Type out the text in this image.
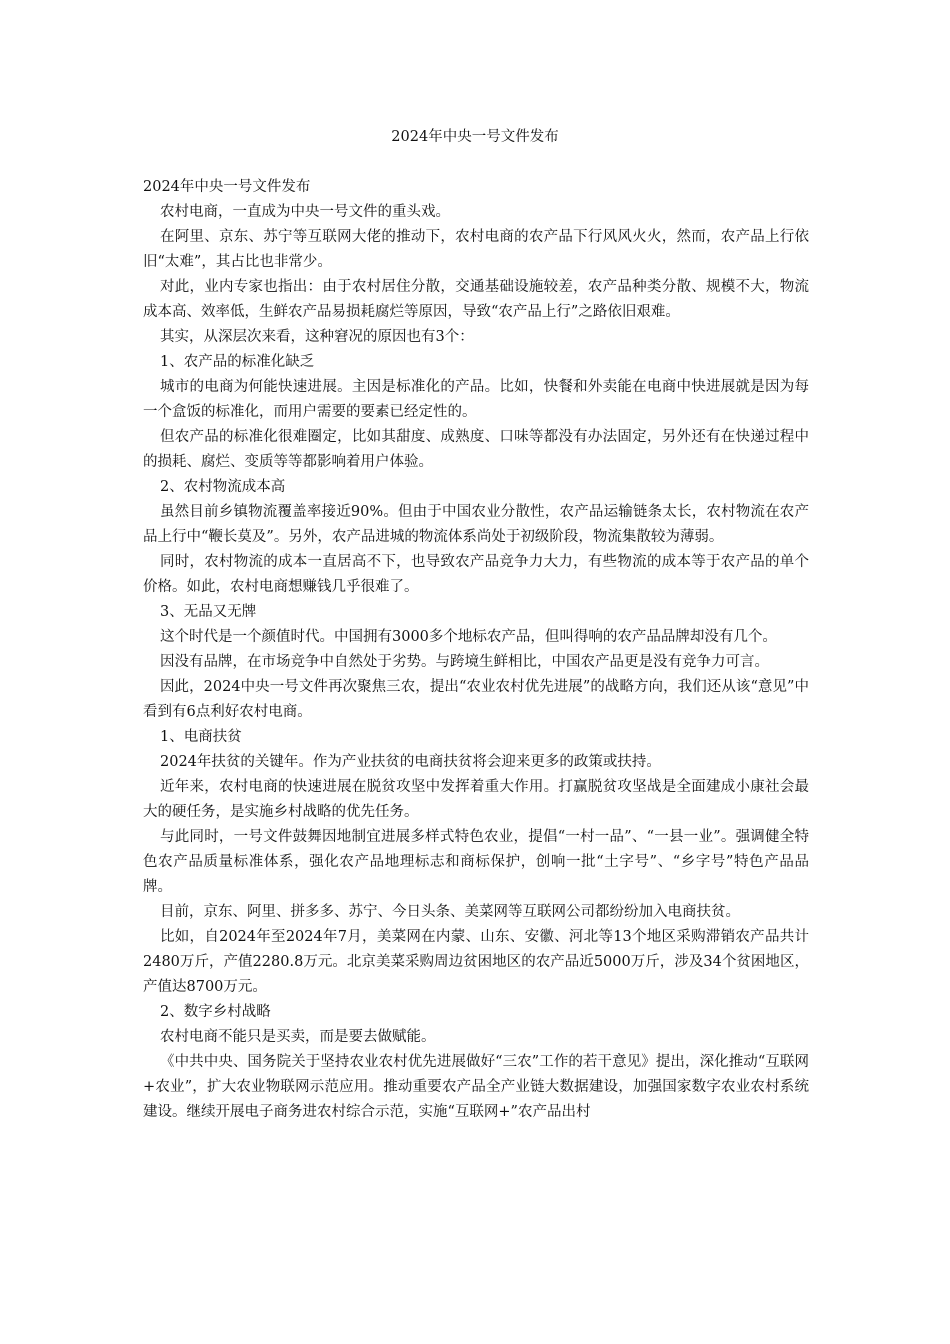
2024年中央一号文件发布

2024年中央一号文件发布

农村电商，一直成为中央一号文件的重头戏。

在阿里、京东、苏宁等互联网大佬的推动下，农村电商的农产品下行风风火火，然而，农产品上行依旧“太难”，其占比也非常少。

对此，业内专家也指出：由于农村居住分散，交通基础设施较差，农产品种类分散、规模不大，物流成本高、效率低，生鲜农产品易损耗腐烂等原因，导致“农产品上行”之路依旧艰难。

其实，从深层次来看，这种窘况的原因也有3个：

1、农产品的标准化缺乏

城市的电商为何能快速进展。主因是标准化的产品。比如，快餐和外卖能在电商中快进展就是因为每一个盒饭的标准化，而用户需要的要素已经定性的。

但农产品的标准化很难圈定，比如其甜度、成熟度、口味等都没有办法固定，另外还有在快递过程中的损耗、腐烂、变质等等都影响着用户体验。

2、农村物流成本高

虽然目前乡镇物流覆盖率接近90%。但由于中国农业分散性，农产品运输链条太长，农村物流在农产品上行中“鞭长莫及”。另外，农产品进城的物流体系尚处于初级阶段，物流集散较为薄弱。

同时，农村物流的成本一直居高不下，也导致农产品竞争力大力，有些物流的成本等于农产品的单个价格。如此，农村电商想赚钱几乎很难了。

3、无品又无牌

这个时代是一个颜值时代。中国拥有3000多个地标农产品，但叫得响的农产品品牌却没有几个。

因没有品牌，在市场竞争中自然处于劣势。与跨境生鲜相比，中国农产品更是没有竞争力可言。

因此，2024中央一号文件再次聚焦三农，提出“农业农村优先进展”的战略方向，我们还从该“意见”中看到有6点利好农村电商。

1、电商扶贫

2024年扶贫的关键年。作为产业扶贫的电商扶贫将会迎来更多的政策或扶持。

近年来，农村电商的快速进展在脱贫攻坚中发挥着重大作用。打赢脱贫攻坚战是全面建成小康社会最大的硬任务，是实施乡村战略的优先任务。

与此同时，一号文件鼓舞因地制宜进展多样式特色农业，提倡“一村一品”、“一县一业”。强调健全特色农产品质量标准体系，强化农产品地理标志和商标保护，创响一批“土字号”、“乡字号”特色产品品牌。

目前，京东、阿里、拼多多、苏宁、今日头条、美菜网等互联网公司都纷纷加入电商扶贫。

比如，自2024年至2024年7月，美菜网在内蒙、山东、安徽、河北等13个地区采购滞销农产品共计2480万斤，产值2280.8万元。北京美菜采购周边贫困地区的农产品近5000万斤，涉及34个贫困地区，产值达8700万元。

2、数字乡村战略

农村电商不能只是买卖，而是要去做赋能。

《中共中央、国务院关于坚持农业农村优先进展做好“三农”工作的若干意见》提出，深化推动“互联网+农业”，扩大农业物联网示范应用。推动重要农产品全产业链大数据建设，加强国家数字农业农村系统建设。继续开展电子商务进农村综合示范，实施“互联网+”农产品出村
